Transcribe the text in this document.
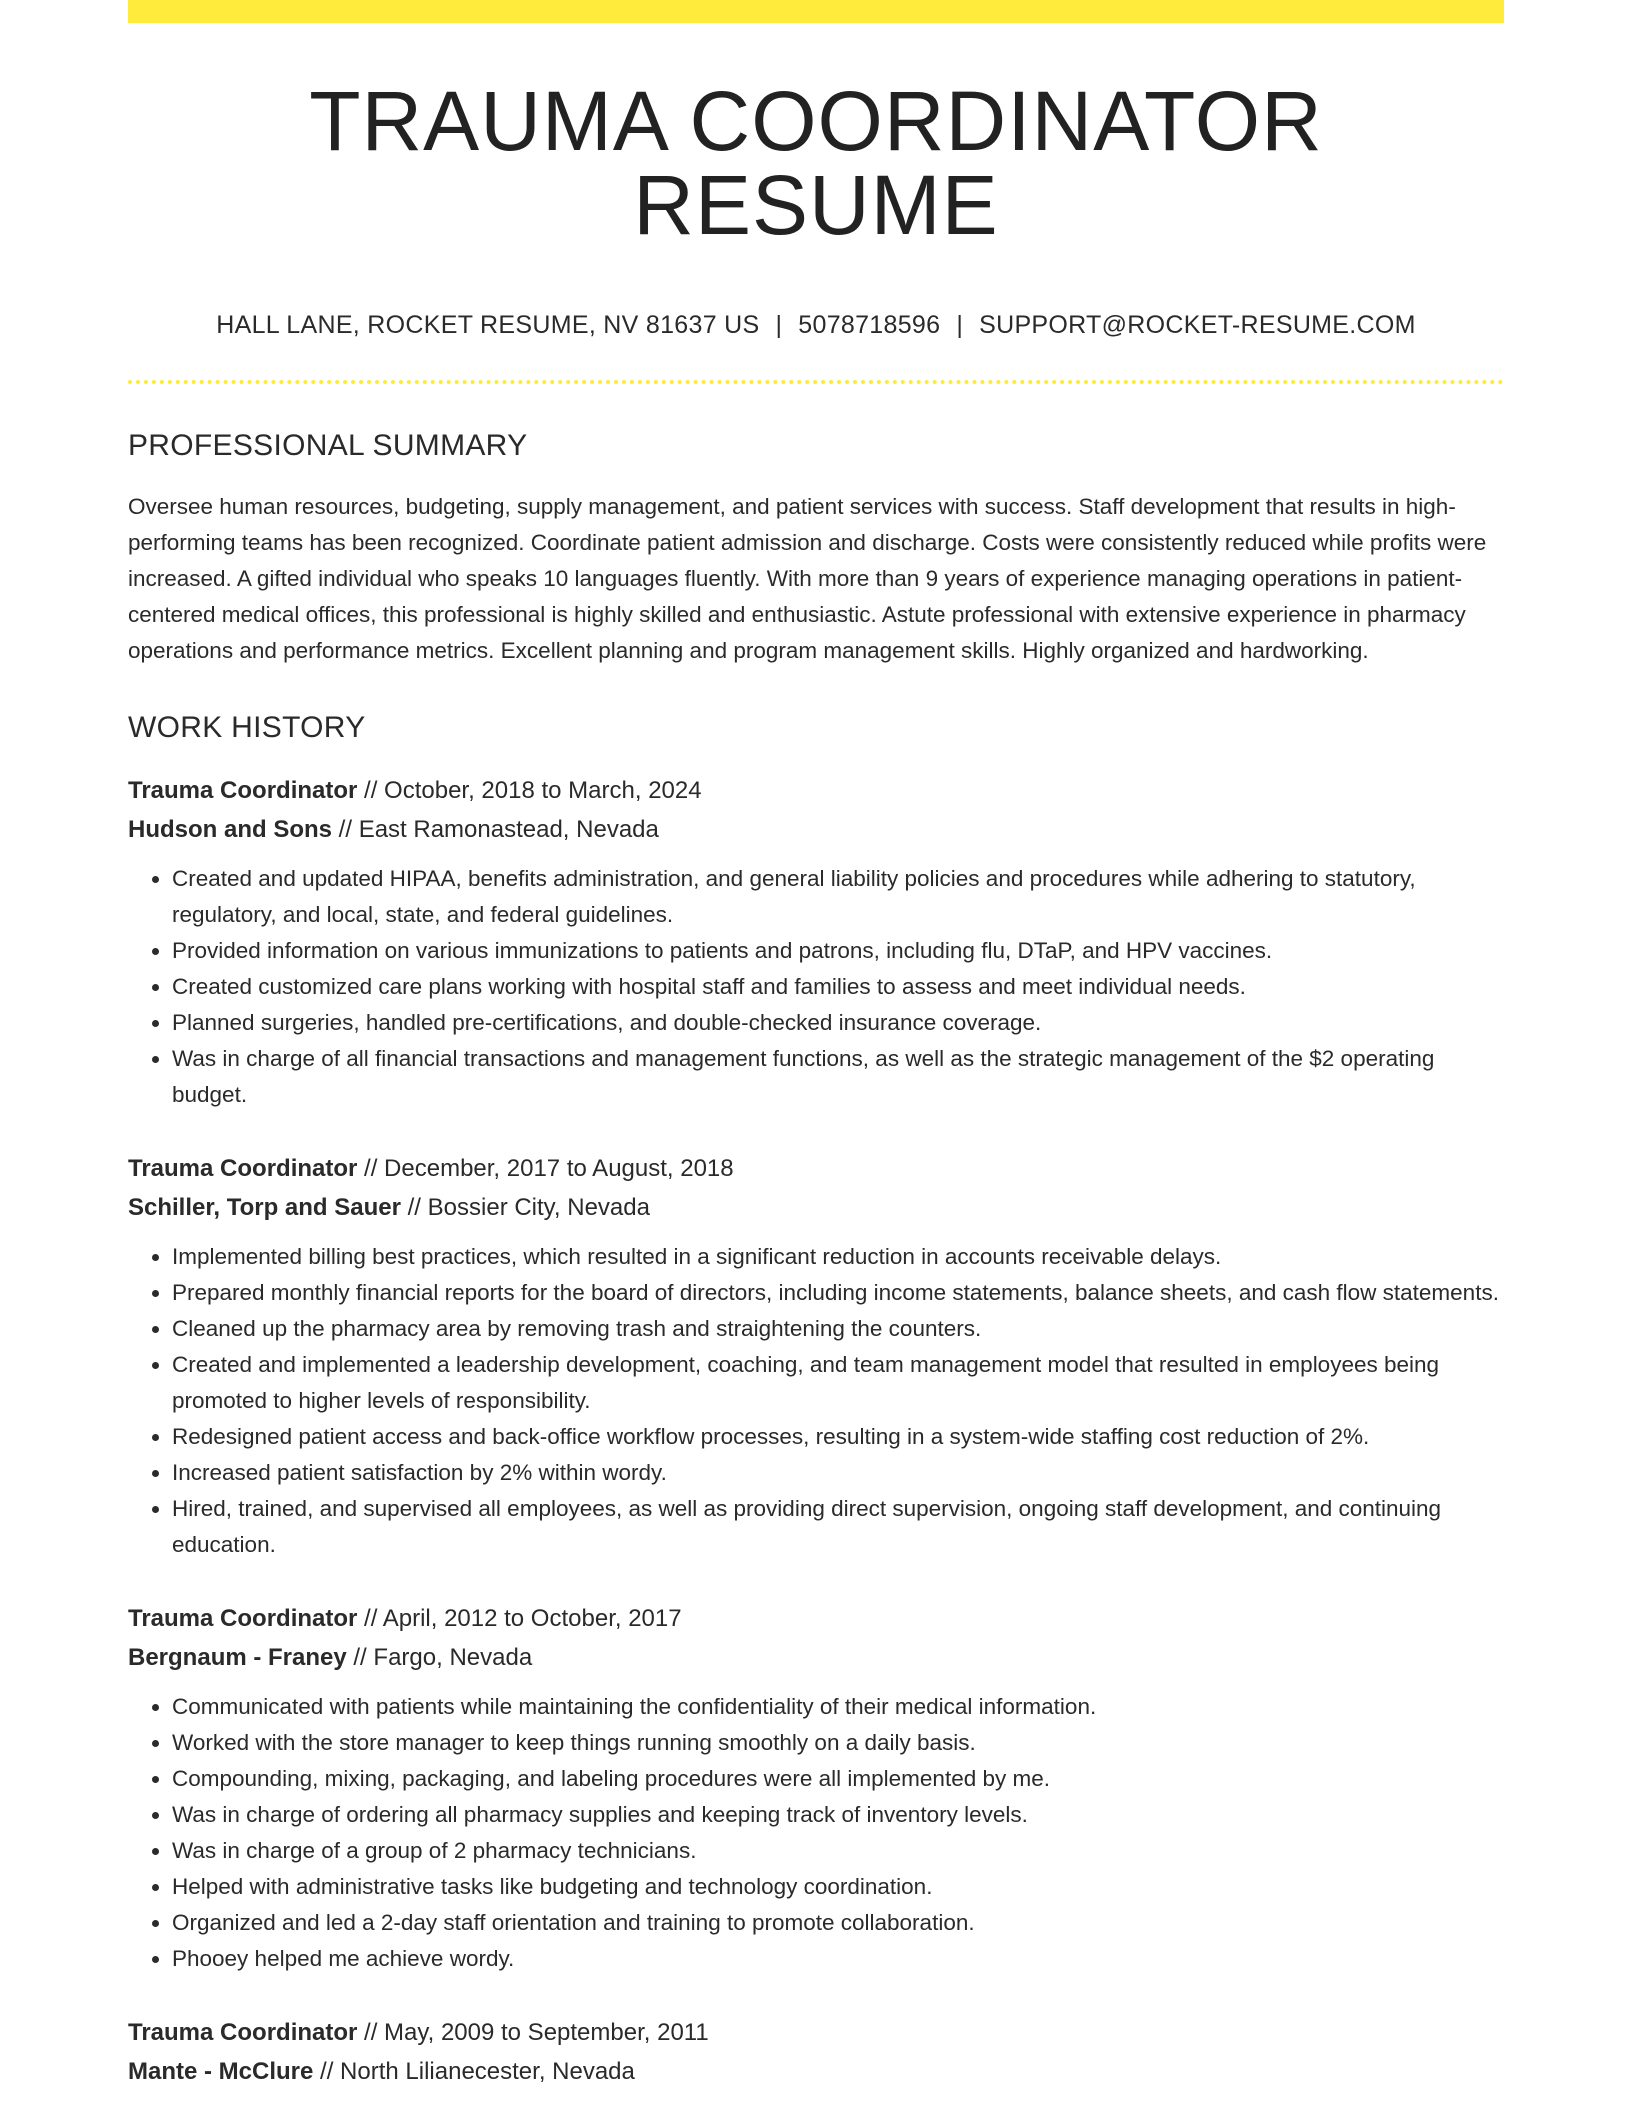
TRAUMA COORDINATOR RESUME
HALL LANE, ROCKET RESUME, NV 81637 US | 5078718596 | SUPPORT@ROCKET-RESUME.COM
PROFESSIONAL SUMMARY

Oversee human resources, budgeting, supply management, and patient services with success. Staff development that results in high-performing teams has been recognized. Coordinate patient admission and discharge. Costs were consistently reduced while profits were increased. A gifted individual who speaks 10 languages fluently. With more than 9 years of experience managing operations in patient-centered medical offices, this professional is highly skilled and enthusiastic. Astute professional with extensive experience in pharmacy operations and performance metrics. Excellent planning and program management skills. Highly organized and hardworking.

WORK HISTORY
Trauma Coordinator // October, 2018 to March, 2024
Hudson and Sons // East Ramonastead, Nevada
• Created and updated HIPAA, benefits administration, and general liability policies and procedures while adhering to statutory, regulatory, and local, state, and federal guidelines.
• Provided information on various immunizations to patients and patrons, including flu, DTaP, and HPV vaccines.
• Created customized care plans working with hospital staff and families to assess and meet individual needs.
• Planned surgeries, handled pre-certifications, and double-checked insurance coverage.
• Was in charge of all financial transactions and management functions, as well as the strategic management of the $2 operating budget.
Trauma Coordinator // December, 2017 to August, 2018
Schiller, Torp and Sauer // Bossier City, Nevada
• Implemented billing best practices, which resulted in a significant reduction in accounts receivable delays.
• Prepared monthly financial reports for the board of directors, including income statements, balance sheets, and cash flow statements.
• Cleaned up the pharmacy area by removing trash and straightening the counters.
• Created and implemented a leadership development, coaching, and team management model that resulted in employees being promoted to higher levels of responsibility.
• Redesigned patient access and back-office workflow processes, resulting in a system-wide staffing cost reduction of 2%.
• Increased patient satisfaction by 2% within wordy.
• Hired, trained, and supervised all employees, as well as providing direct supervision, ongoing staff development, and continuing education.
Trauma Coordinator // April, 2012 to October, 2017
Bergnaum - Franey // Fargo, Nevada
• Communicated with patients while maintaining the confidentiality of their medical information.
• Worked with the store manager to keep things running smoothly on a daily basis.
• Compounding, mixing, packaging, and labeling procedures were all implemented by me.
• Was in charge of ordering all pharmacy supplies and keeping track of inventory levels.
• Was in charge of a group of 2 pharmacy technicians.
• Helped with administrative tasks like budgeting and technology coordination.
• Organized and led a 2-day staff orientation and training to promote collaboration.
• Phooey helped me achieve wordy.
Trauma Coordinator // May, 2009 to September, 2011
Mante - McClure // North Lilianecester, Nevada
